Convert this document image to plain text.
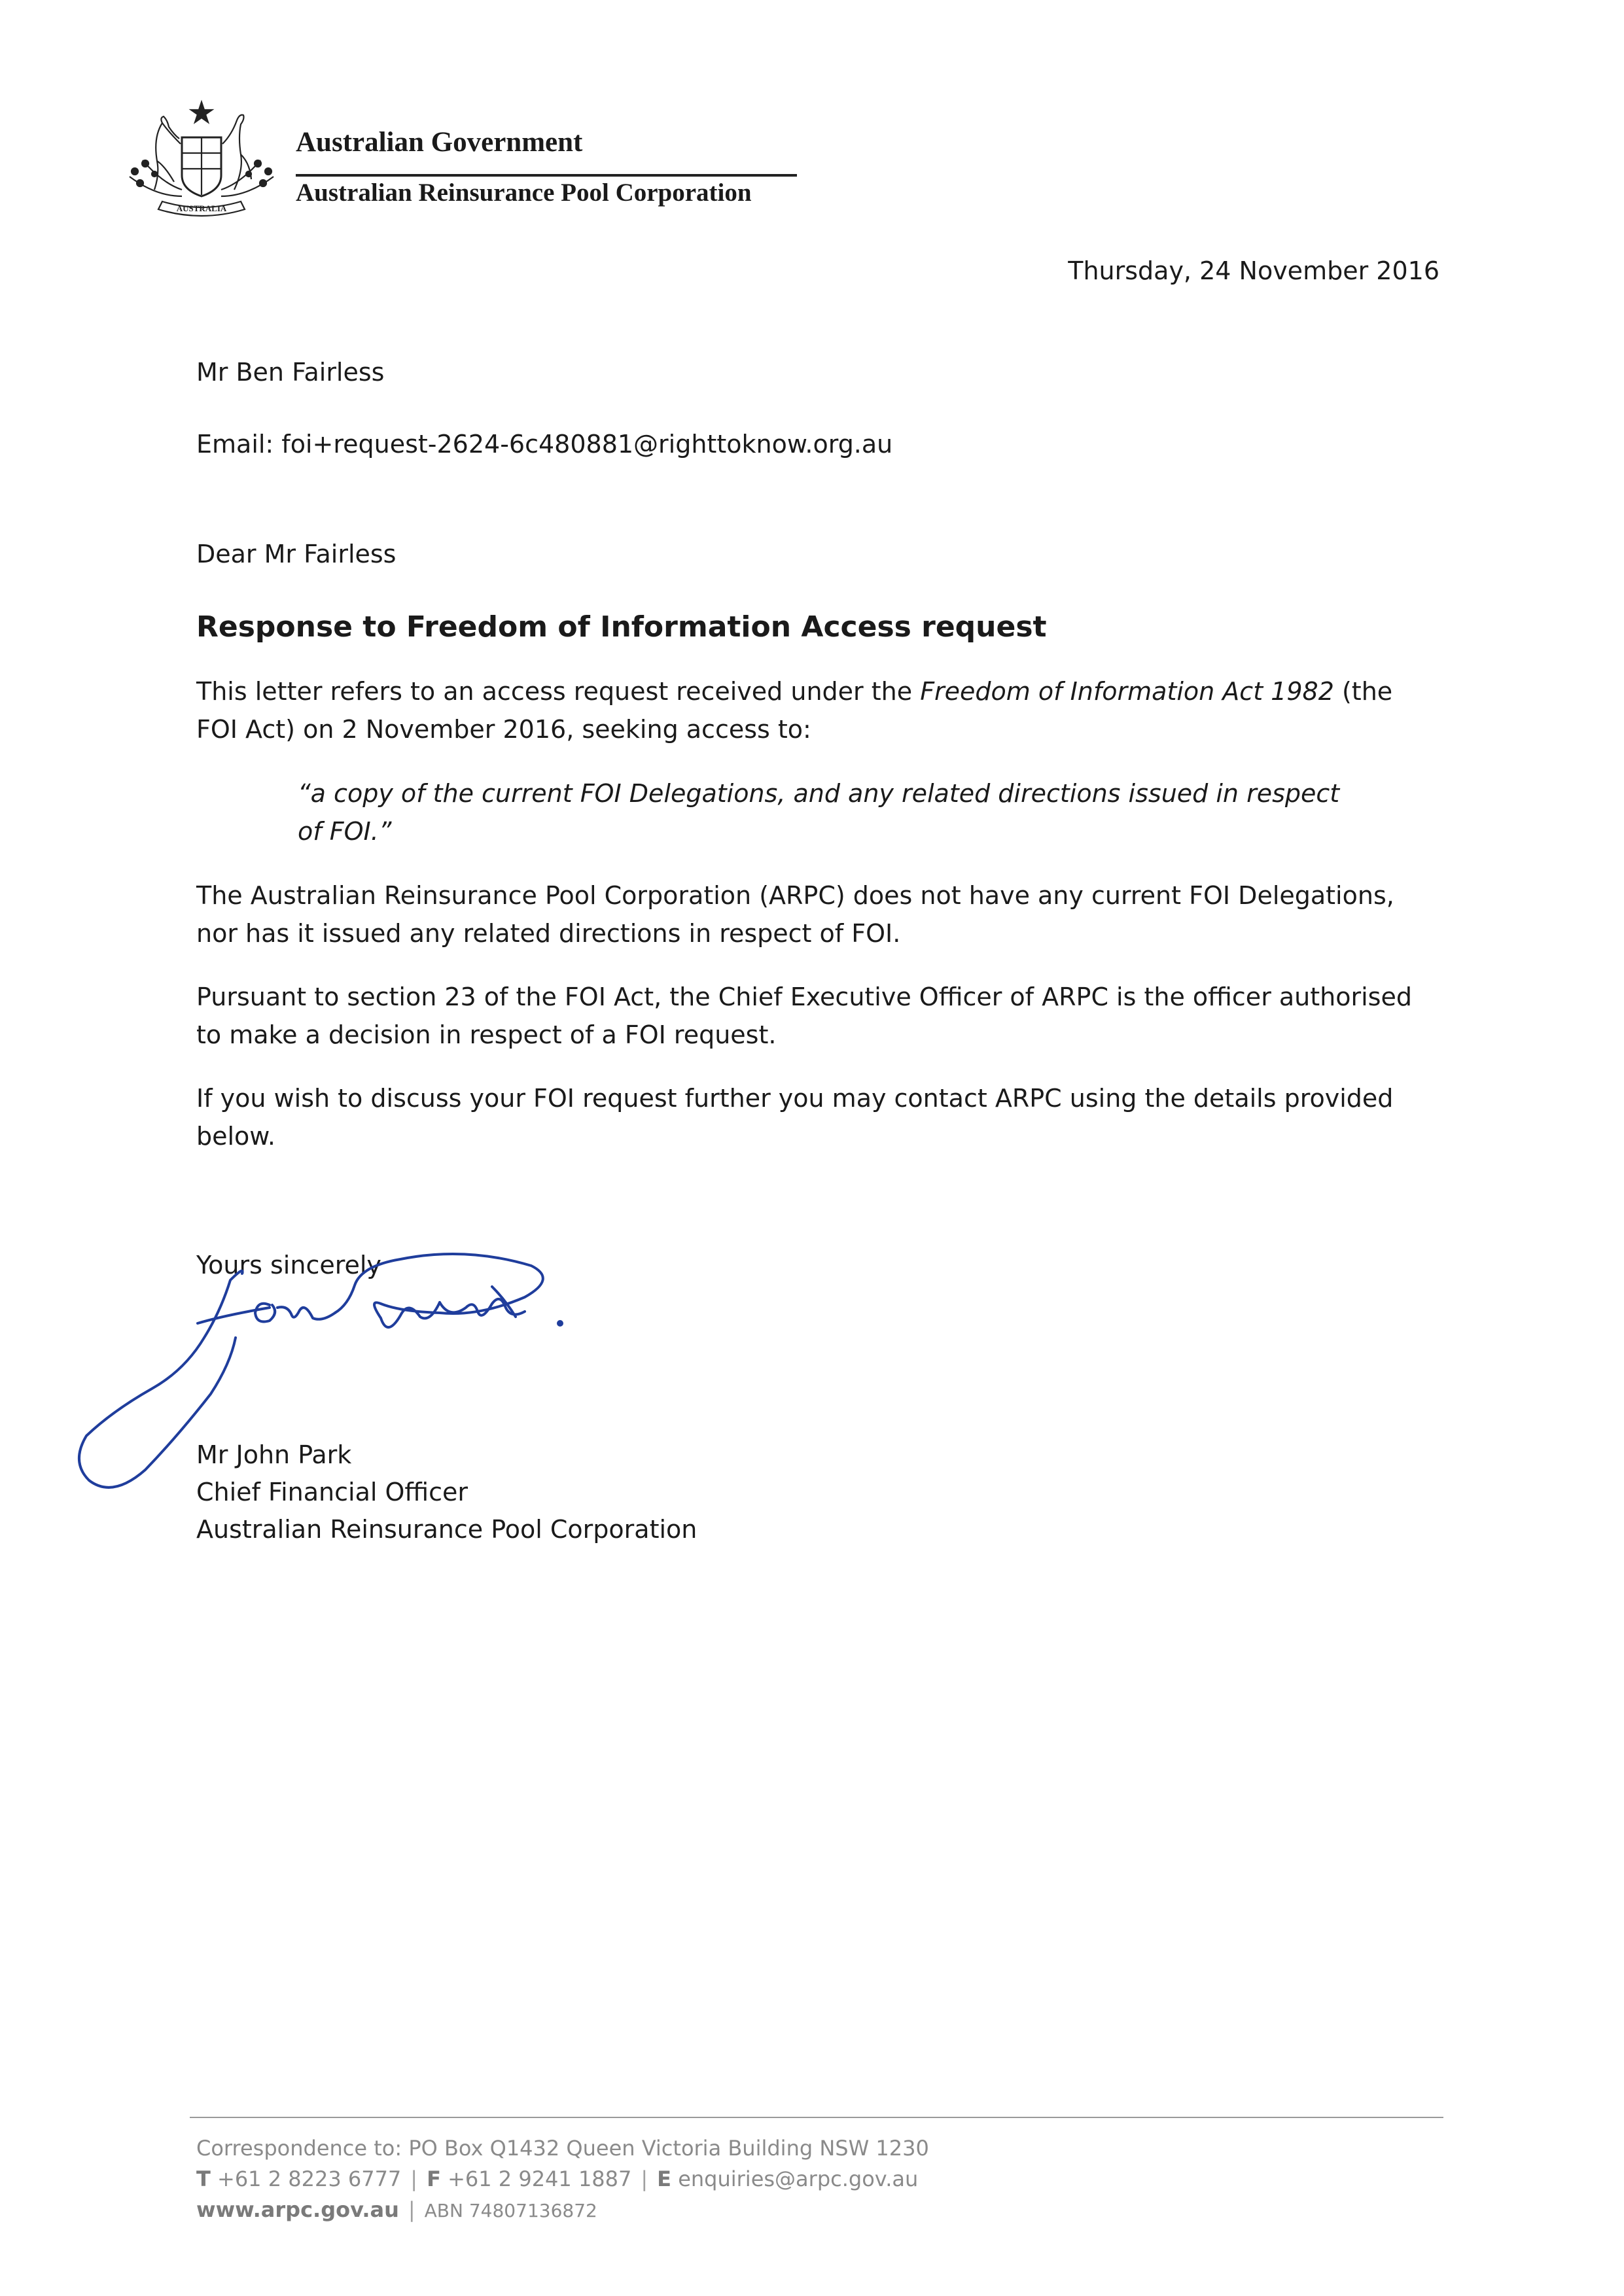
AUSTRALIA
Australian Government
Australian Reinsurance Pool Corporation
Thursday, 24 November 2016
Mr Ben Fairless
Email: foi+request-2624-6c480881@righttoknow.org.au
Dear Mr Fairless
Response to Freedom of Information Access request
This letter refers to an access request received under the Freedom of Information Act 1982 (the FOI Act) on 2 November 2016, seeking access to:
“a copy of the current FOI Delegations, and any related directions issued in respect of FOI.”
The Australian Reinsurance Pool Corporation (ARPC) does not have any current FOI Delegations, nor has it issued any related directions in respect of FOI.
Pursuant to section 23 of the FOI Act, the Chief Executive Officer of ARPC is the officer authorised to make a decision in respect of a FOI request.
If you wish to discuss your FOI request further you may contact ARPC using the details provided below.
Yours sincerely
Mr John Park
Chief Financial Officer
Australian Reinsurance Pool Corporation
Correspondence to: PO Box Q1432 Queen Victoria Building NSW 1230
T +61 2 8223 6777 | F +61 2 9241 1887 | E enquiries@arpc.gov.au
www.arpc.gov.au | ABN 74807136872
